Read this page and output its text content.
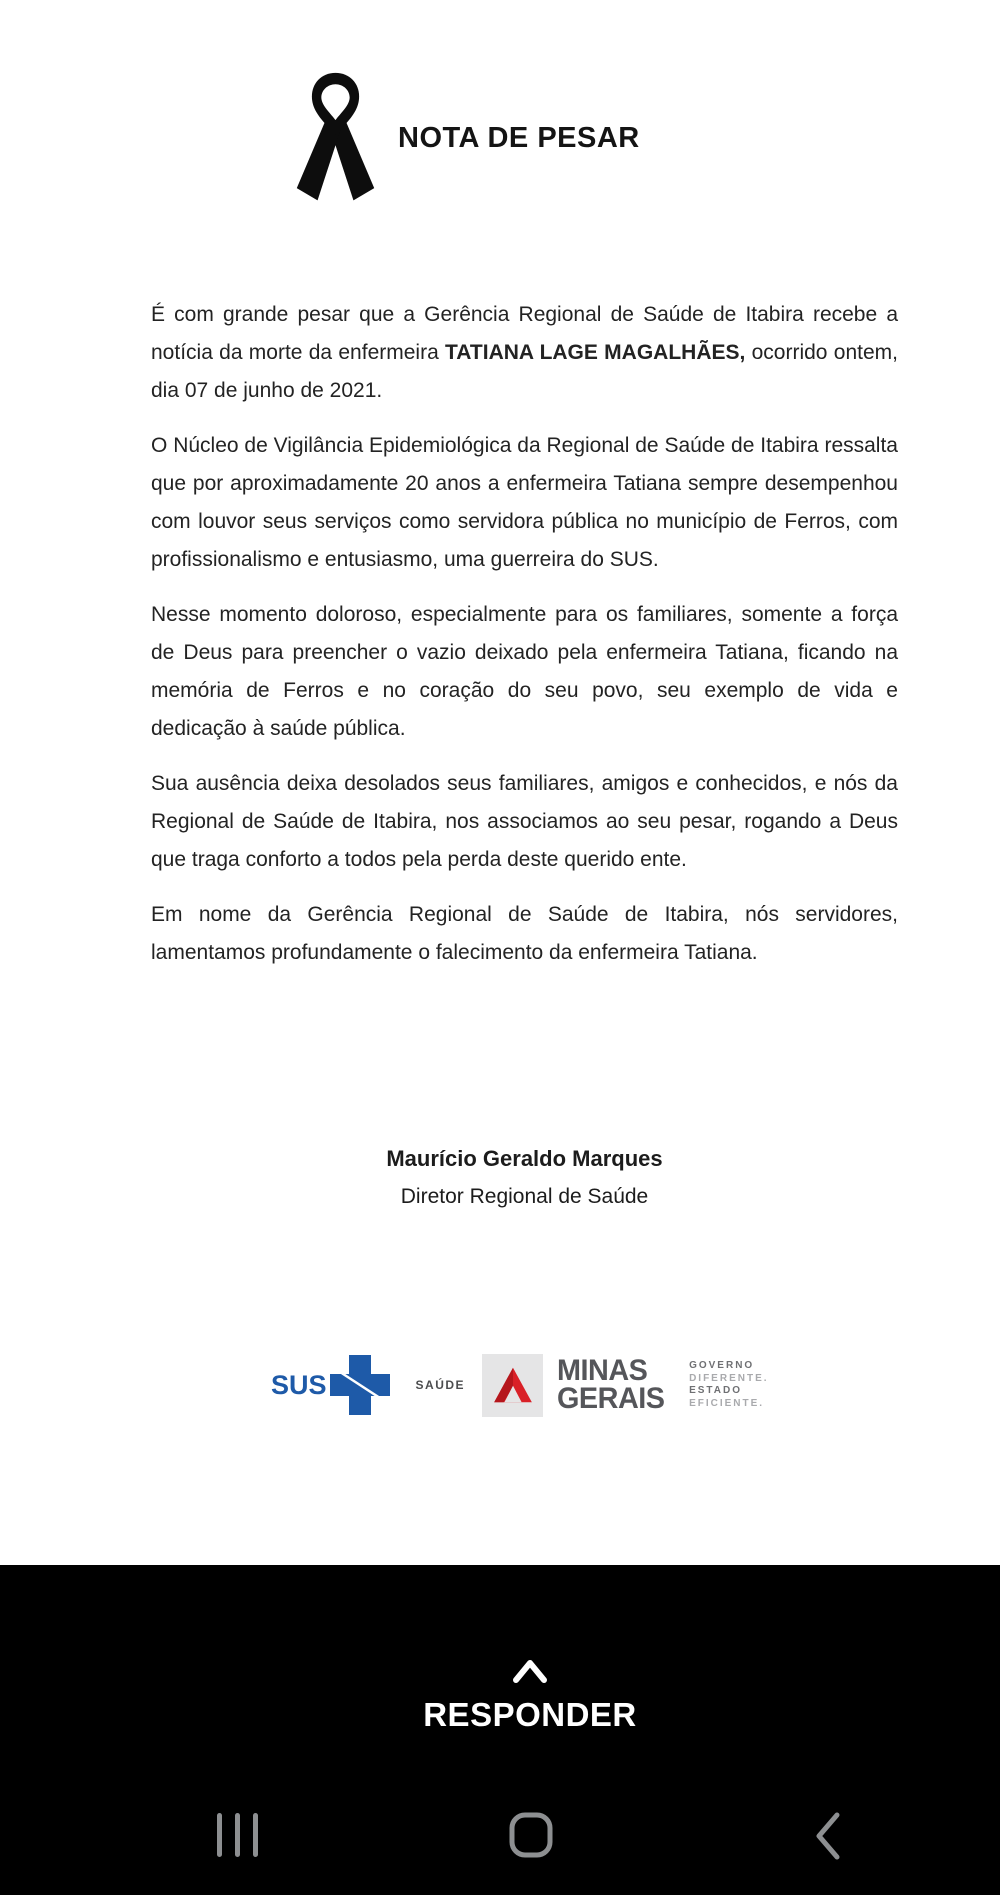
NOTA DE PESAR

É com grande pesar que a Gerência Regional de Saúde de Itabira recebe a notícia da morte da enfermeira TATIANA LAGE MAGALHÃES, ocorrido ontem, dia 07 de junho de 2021.

O Núcleo de Vigilância Epidemiológica da Regional de Saúde de Itabira ressalta que por aproximadamente 20 anos a enfermeira Tatiana sempre desempenhou com louvor seus serviços como servidora pública no município de Ferros, com profissionalismo e entusiasmo, uma guerreira do SUS.

Nesse momento doloroso, especialmente para os familiares, somente a força de Deus para preencher o vazio deixado pela enfermeira Tatiana, ficando na memória de Ferros e no coração do seu povo, seu exemplo de vida e dedicação à saúde pública.

Sua ausência deixa desolados seus familiares, amigos e conhecidos, e nós da Regional de Saúde de Itabira, nos associamos ao seu pesar, rogando a Deus que traga conforto a todos pela perda deste querido ente.

Em nome da Gerência Regional de Saúde de Itabira, nós servidores, lamentamos profundamente o falecimento da enfermeira Tatiana.

Maurício Geraldo Marques
Diretor Regional de Saúde
SUS	SAÚDE	MINAS
GERAIS
GOVERNO
DIFERENTE.
ESTADO
EFICIENTE.
RESPONDER
